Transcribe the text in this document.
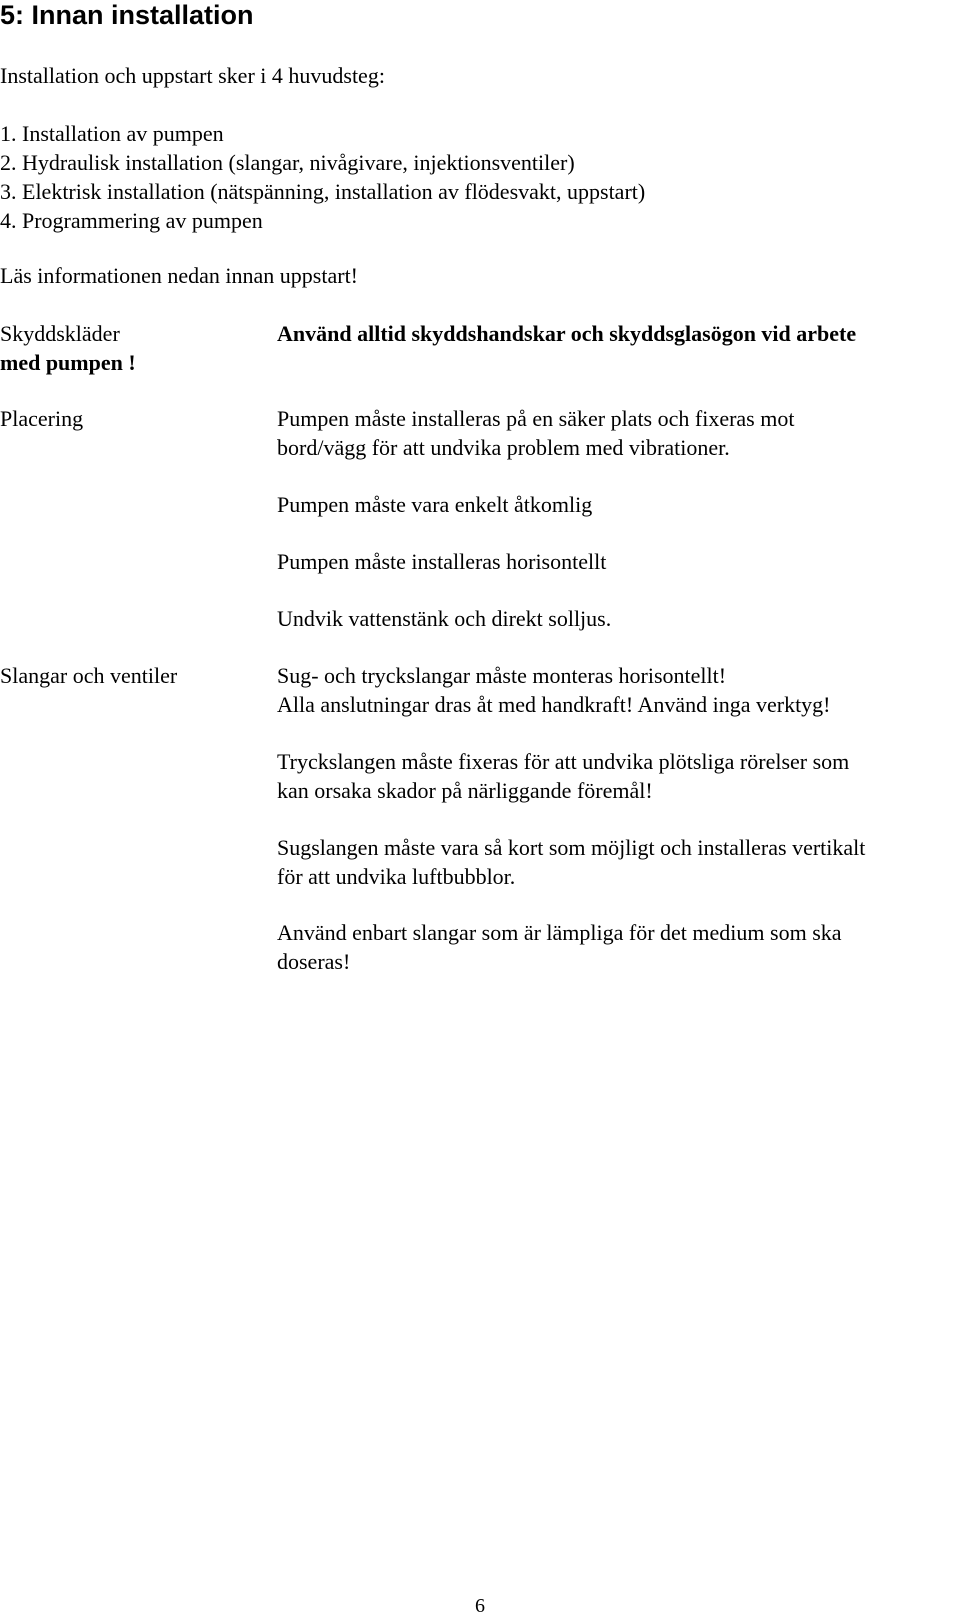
5: Innan installation

Installation och uppstart sker i 4 huvudsteg:

1. Installation av pumpen
2. Hydraulisk installation (slangar, nivågivare, injektionsventiler)
3. Elektrisk installation (nätspänning, installation av flödesvakt, uppstart)
4. Programmering av pumpen

Läs informationen nedan innan uppstart!

Skyddskläder

med pumpen !

Använd alltid skyddshandskar och skyddsglasögon vid arbete

Placering	Pumpen måste installeras på en säker plats och fixeras mot

bord/vägg för att undvika problem med vibrationer.

Pumpen måste vara enkelt åtkomlig

Pumpen måste installeras horisontellt

Undvik vattenstänk och direkt solljus.

Slangar och ventiler	Sug- och tryckslangar måste monteras horisontellt!

Alla anslutningar dras åt med handkraft! Använd inga verktyg!

Tryckslangen måste fixeras för att undvika plötsliga rörelser som

kan orsaka skador på närliggande föremål!

Sugslangen måste vara så kort som möjligt och installeras vertikalt

för att undvika luftbubblor.

Använd enbart slangar som är lämpliga för det medium som ska

doseras!

6
